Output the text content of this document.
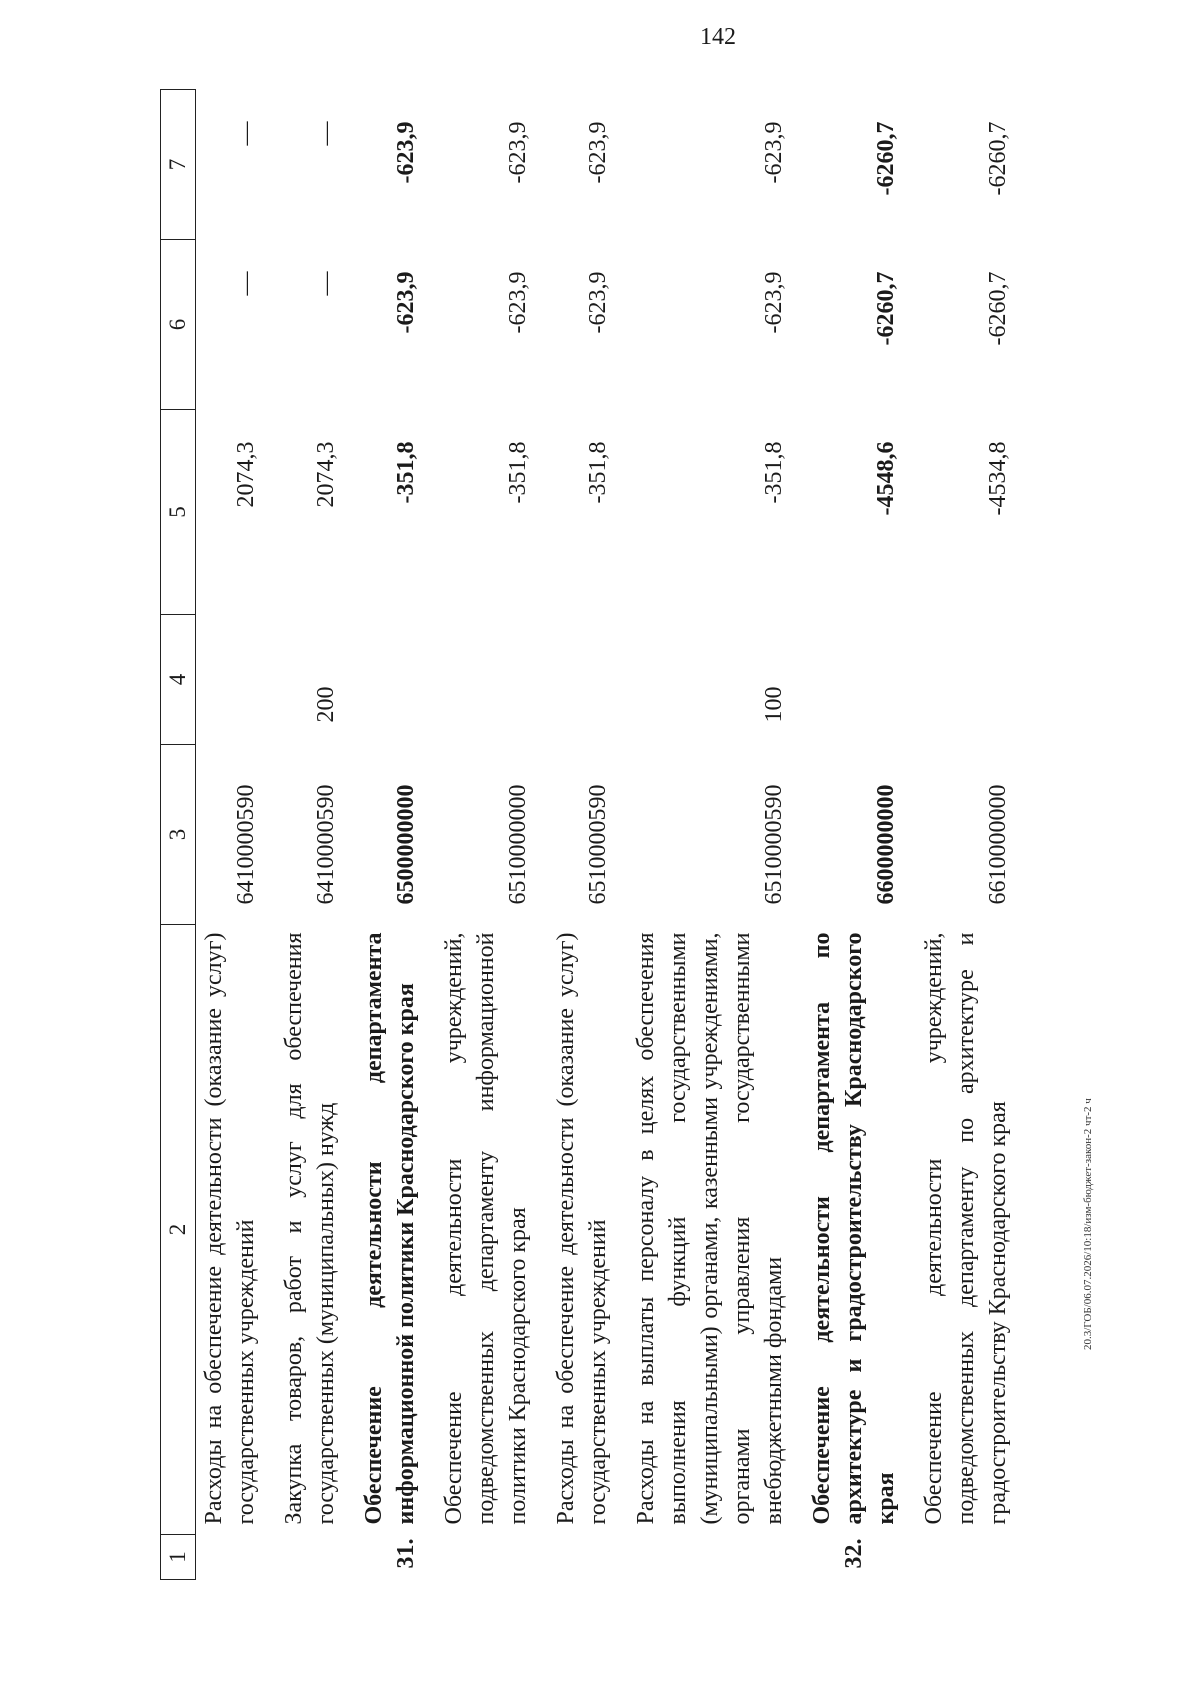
142
20.3/ГОБ/06.07.2026/10:18/изм-бюджет-закон-2 чт-2 ч
1	2	3	4	5	6	7
	Расходы на обеспечение деятельности (оказание услуг) государственных учреждений	6410000590		2074,3	—	—
	Закупка товаров, работ и услуг для обеспечения государственных (муниципальных) нужд	6410000590	200	2074,3	—	—
31.	Обеспечение деятельности департамента информационной политики Краснодарского края	6500000000		-351,8	-623,9	-623,9
	Обеспечение деятельности учреждений, подведомственных департаменту информационной политики Краснодарского края	6510000000		-351,8	-623,9	-623,9
	Расходы на обеспечение деятельности (оказание услуг) государственных учреждений	6510000590		-351,8	-623,9	-623,9
	Расходы на выплаты персоналу в целях обеспечения выполнения функций государственными (муниципальными) органами, казенными учреждениями, органами управления государственными внебюджетными фондами	6510000590	100	-351,8	-623,9	-623,9
32.	Обеспечение деятельности департамента по архитектуре и градостроительству Краснодарского края	6600000000		-4548,6	-6260,7	-6260,7
	Обеспечение деятельности учреждений, подведомственных департаменту по архитектуре и градостроительству Краснодарского края	6610000000		-4534,8	-6260,7	-6260,7
